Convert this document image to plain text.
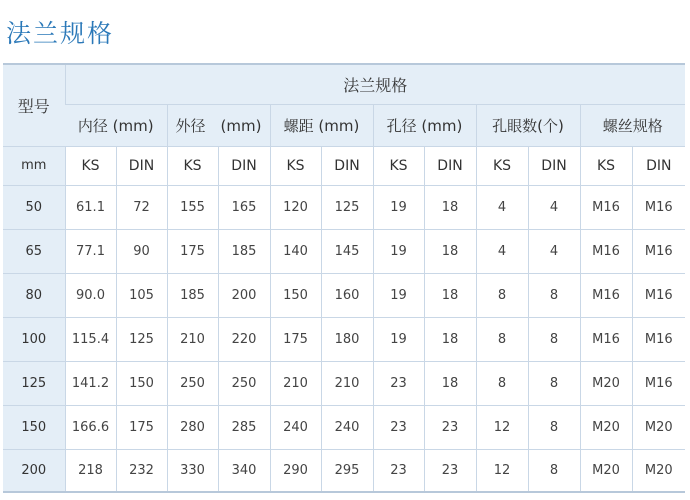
法兰规格
型号	法兰规格											
	内径 (mm)		外径　(mm)		螺距 (mm)		孔径 (mm)		孔眼数(个)		螺丝规格	
mm	KS	DIN	KS	DIN	KS	DIN	KS	DIN	KS	DIN	KS	DIN
50	61.1	72	155	165	120	125	19	18	4	4	M16	M16
65	77.1	90	175	185	140	145	19	18	4	4	M16	M16
80	90.0	105	185	200	150	160	19	18	8	8	M16	M16
100	115.4	125	210	220	175	180	19	18	8	8	M16	M16
125	141.2	150	250	250	210	210	23	18	8	8	M20	M16
150	166.6	175	280	285	240	240	23	23	12	8	M20	M20
200	218	232	330	340	290	295	23	23	12	8	M20	M20
